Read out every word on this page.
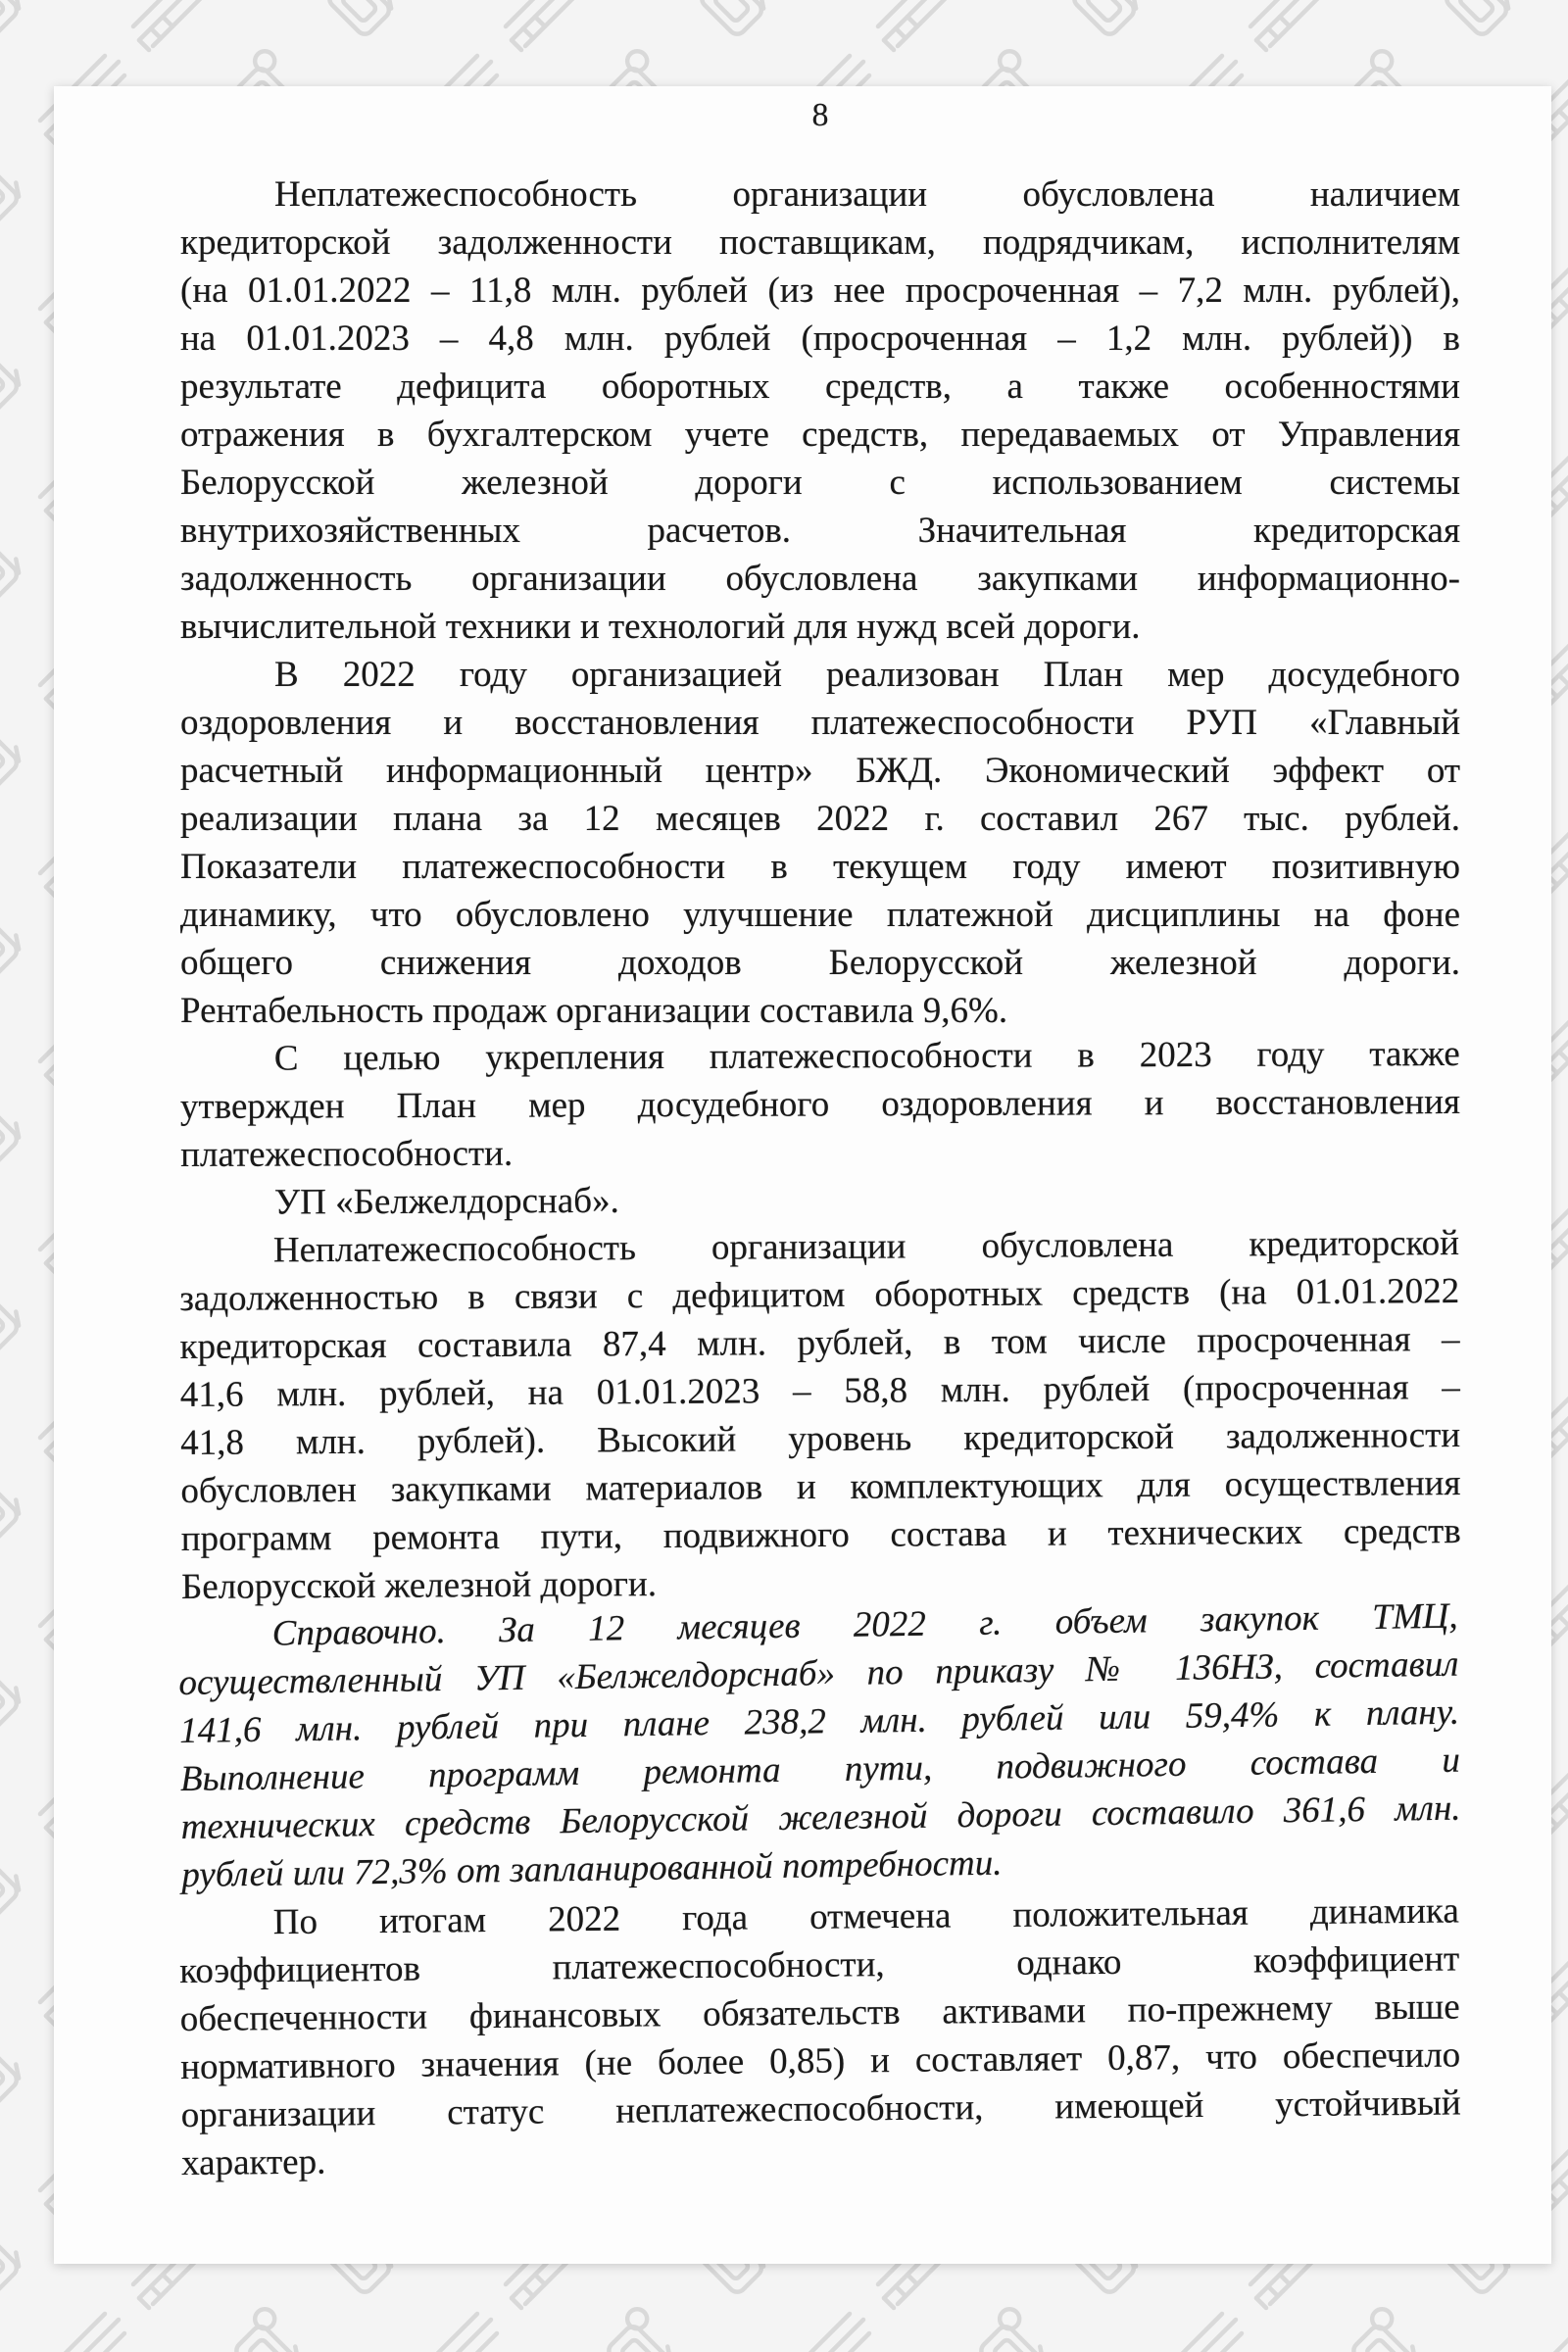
8
Неплатежеспособность организации обусловлена наличием
кредиторской задолженности поставщикам, подрядчикам, исполнителям
(на 01.01.2022 – 11,8 млн. рублей (из нее просроченная – 7,2 млн. рублей),
на 01.01.2023 – 4,8 млн. рублей (просроченная – 1,2 млн. рублей)) в
результате дефицита оборотных средств, а также особенностями
отражения в бухгалтерском учете средств, передаваемых от Управления
Белорусской железной дороги с использованием системы
внутрихозяйственных расчетов. Значительная кредиторская
задолженность организации обусловлена закупками информационно-
вычислительной техники и технологий для нужд всей дороги.
В 2022 году организацией реализован План мер досудебного
оздоровления и восстановления платежеспособности РУП «Главный
расчетный информационный центр» БЖД. Экономический эффект от
реализации плана за 12 месяцев 2022 г. составил 267 тыс. рублей.
Показатели платежеспособности в текущем году имеют позитивную
динамику, что обусловлено улучшение платежной дисциплины на фоне
общего снижения доходов Белорусской железной дороги.
Рентабельность продаж организации составила 9,6%.
С целью укрепления платежеспособности в 2023 году также
утвержден План мер досудебного оздоровления и восстановления
платежеспособности.
УП «Белжелдорснаб».
Неплатежеспособность организации обусловлена кредиторской
задолженностью в связи с дефицитом оборотных средств (на 01.01.2022
кредиторская составила 87,4 млн. рублей, в том числе просроченная –
41,6 млн. рублей, на 01.01.2023 – 58,8 млн. рублей (просроченная –
41,8 млн. рублей). Высокий уровень кредиторской задолженности
обусловлен закупками материалов и комплектующих для осуществления
программ ремонта пути, подвижного состава и технических средств
Белорусской железной дороги.
Справочно. За 12 месяцев 2022 г. объем закупок ТМЦ,
осуществленный УП «Белжелдорснаб» по приказу № 136НЗ, составил
141,6 млн. рублей при плане 238,2 млн. рублей или 59,4% к плану.
Выполнение программ ремонта пути, подвижного состава и
технических средств Белорусской железной дороги составило 361,6 млн.
рублей или 72,3% от запланированной потребности.
По итогам 2022 года отмечена положительная динамика
коэффициентов платежеспособности, однако коэффициент
обеспеченности финансовых обязательств активами по-прежнему выше
нормативного значения (не более 0,85) и составляет 0,87, что обеспечило
организации статус неплатежеспособности, имеющей устойчивый
характер.
